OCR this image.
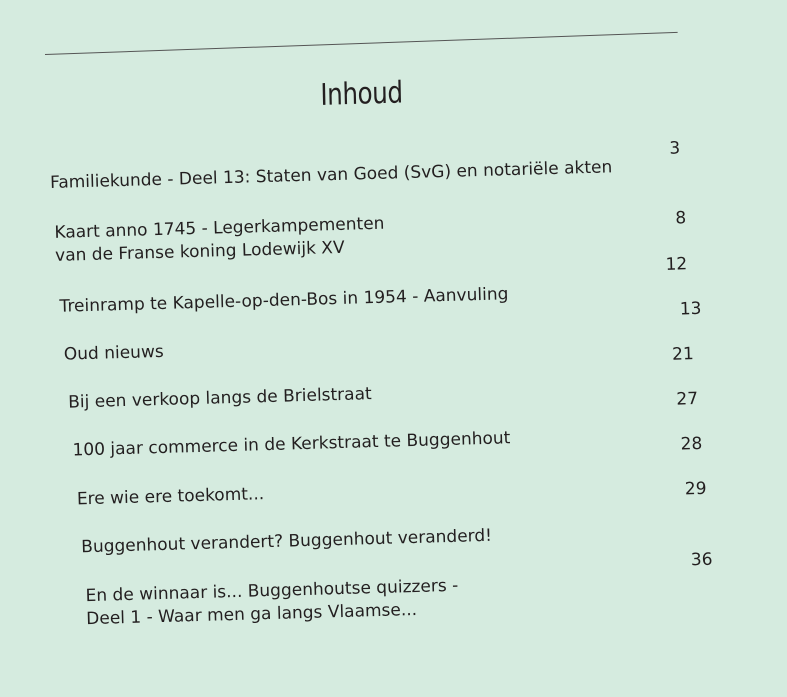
Inhoud
Familiekunde - Deel 13: Staten van Goed (SvG) en notariële akten
Kaart anno 1745 - Legerkampementen
van de Franse koning Lodewijk XV
Treinramp te Kapelle-op-den-Bos in 1954 - Aanvuling
Oud nieuws
Bij een verkoop langs de Brielstraat
100 jaar commerce in de Kerkstraat te Buggenhout
Ere wie ere toekomt...
Buggenhout verandert? Buggenhout veranderd!
En de winnaar is... Buggenhoutse quizzers -
Deel 1 - Waar men ga langs Vlaamse...
3
8
12
13
21
27
28
29
36
